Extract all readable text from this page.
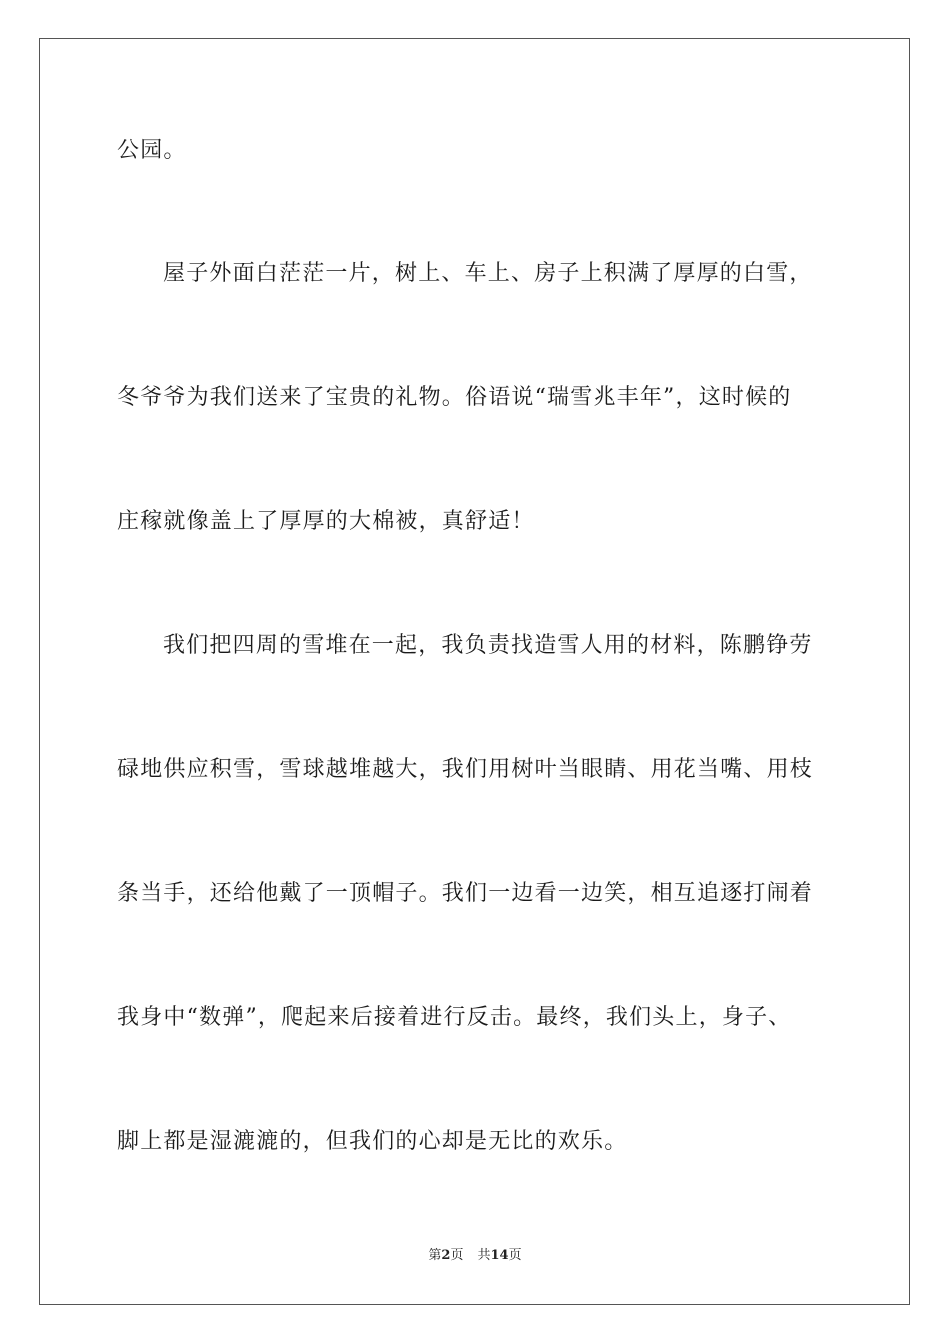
公园。
屋子外面白茫茫一片，树上、车上、房子上积满了厚厚的白雪，
冬爷爷为我们送来了宝贵的礼物。俗语说“瑞雪兆丰年”，这时候的
庄稼就像盖上了厚厚的大棉被，真舒适！
我们把四周的雪堆在一起，我负责找造雪人用的材料，陈鹏铮劳
碌地供应积雪，雪球越堆越大，我们用树叶当眼睛、用花当嘴、用枝
条当手，还给他戴了一顶帽子。我们一边看一边笑，相互追逐打闹着
我身中“数弹”，爬起来后接着进行反击。最终，我们头上，身子、
脚上都是湿漉漉的，但我们的心却是无比的欢乐。
第2页 共14页
